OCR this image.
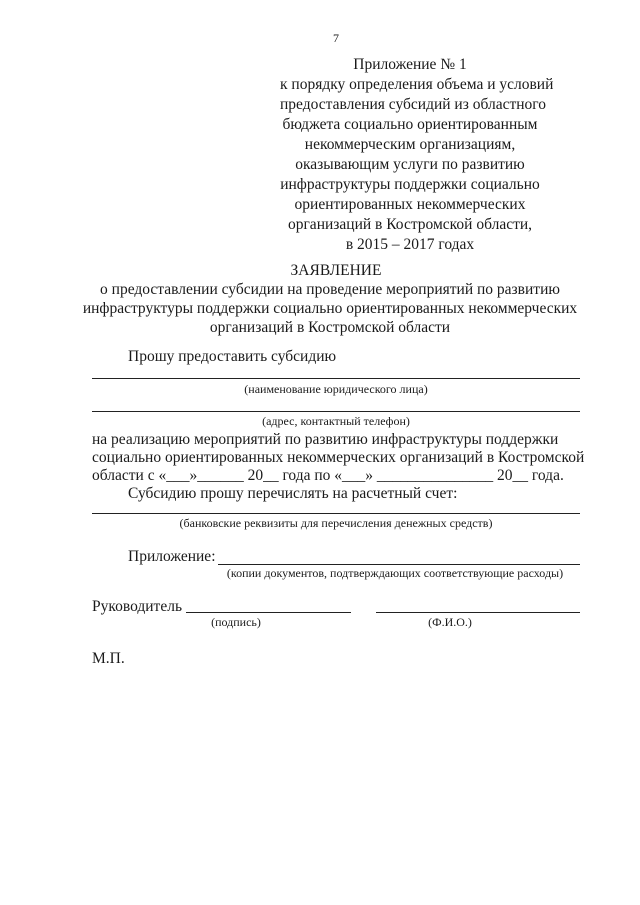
7
Приложение № 1
к порядку определения объема и условий
предоставления субсидий из областного
бюджета социально ориентированным
некоммерческим организациям,
оказывающим услуги по развитию
инфраструктуры поддержки социально
ориентированных некоммерческих
организаций в Костромской области,
в 2015 – 2017 годах
ЗАЯВЛЕНИЕ
о предоставлении субсидии на проведение мероприятий по развитию
инфраструктуры поддержки социально ориентированных некоммерческих
организаций в Костромской области
Прошу предоставить субсидию
(наименование юридического лица)
(адрес, контактный телефон)
на реализацию мероприятий по развитию инфраструктуры поддержки
социально ориентированных некоммерческих организаций в Костромской
области с «___»______ 20__ года по «___» _______________ 20__ года.
Субсидию прошу перечислять на расчетный счет:
(банковские реквизиты для перечисления денежных средств)
Приложение:
(копии документов, подтверждающих соответствующие расходы)
Руководитель
(подпись)	(Ф.И.О.)
М.П.
